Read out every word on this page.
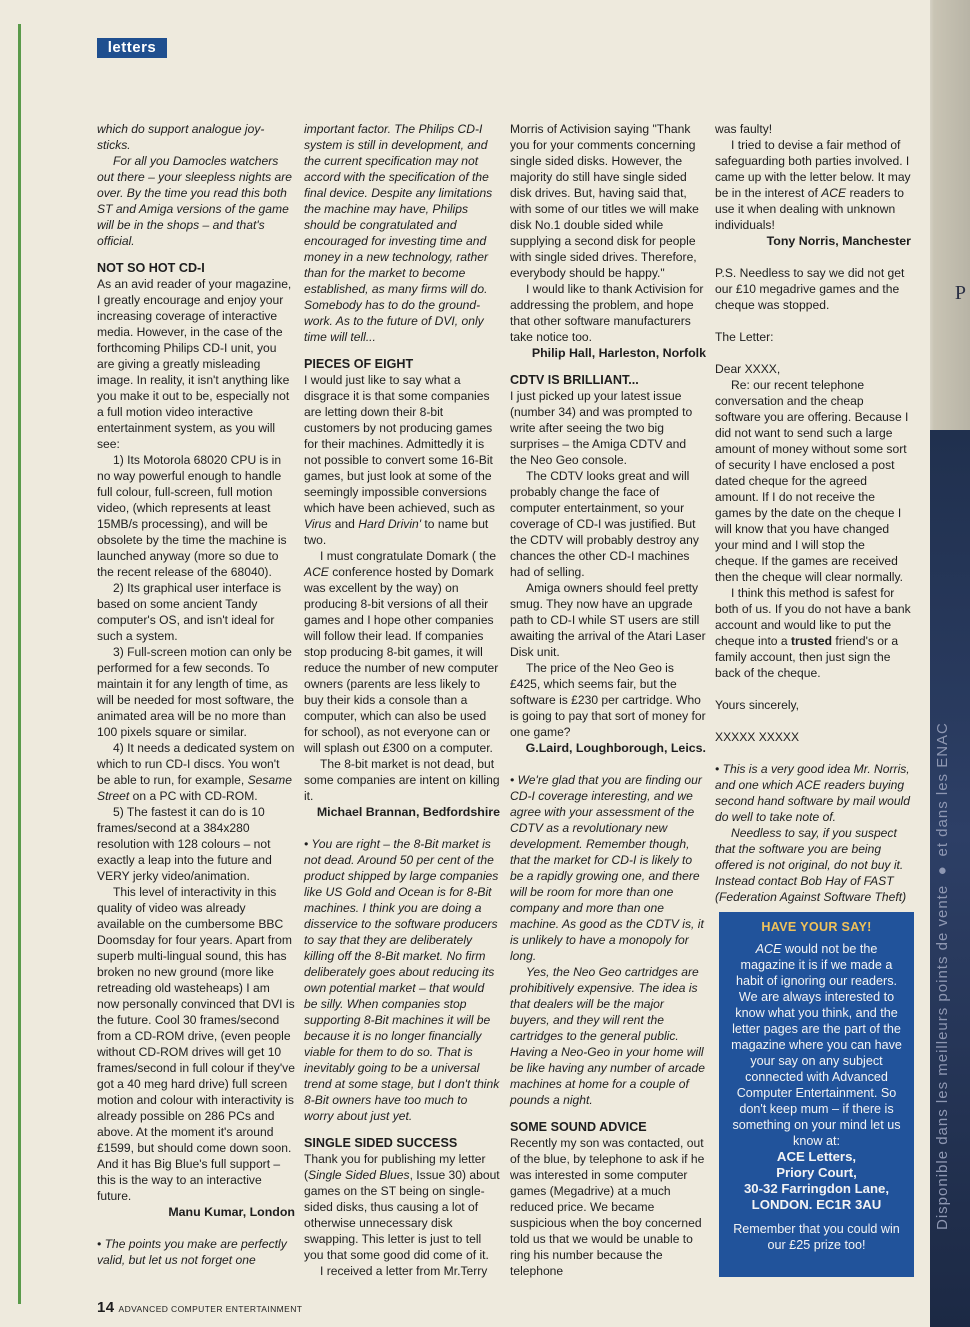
letters

which do support analogue joy-sticks.

For all you Damocles watchers out there – your sleepless nights are over. By the time you read this both ST and Amiga versions of the game will be in the shops – and that's official.

NOT SO HOT CD-I

As an avid reader of your magazine, I greatly encourage and enjoy your increasing coverage of interactive media. However, in the case of the forthcoming Philips CD-I unit, you are giving a greatly misleading image. In reality, it isn't anything like you make it out to be, especially not a full motion video interactive entertainment system, as you will see:

1) Its Motorola 68020 CPU is in no way powerful enough to handle full colour, full-screen, full motion video, (which represents at least 15MB/s processing), and will be obsolete by the time the machine is launched anyway (more so due to the recent release of the 68040).

2) Its graphical user interface is based on some ancient Tandy computer's OS, and isn't ideal for such a system.

3) Full-screen motion can only be performed for a few seconds. To maintain it for any length of time, as will be needed for most software, the animated area will be no more than 100 pixels square or similar.

4) It needs a dedicated system on which to run CD-I discs. You won't be able to run, for example, Sesame Street on a PC with CD-ROM.

5) The fastest it can do is 10 frames/second at a 384x280 resolution with 128 colours – not exactly a leap into the future and VERY jerky video/animation.

This level of interactivity in this quality of video was already available on the cumbersome BBC Doomsday for four years. Apart from superb multi-lingual sound, this has broken no new ground (more like retreading old wasteheaps) I am now personally convinced that DVI is the future. Cool 30 frames/second from a CD-ROM drive, (even people without CD-ROM drives will get 10 frames/second in full colour if they've got a 40 meg hard drive) full screen motion and colour with interactivity is already possible on 286 PCs and above. At the moment it's around £1599, but should come down soon. And it has Big Blue's full support – this is the way to an interactive future.

Manu Kumar, London

• The points you make are perfectly valid, but let us not forget one

important factor. The Philips CD-I system is still in development, and the current specification may not accord with the specification of the final device. Despite any limitations the machine may have, Philips should be congratulated and encouraged for investing time and money in a new technology, rather than for the market to become established, as many firms will do. Somebody has to do the ground-work. As to the future of DVI, only time will tell...

PIECES OF EIGHT

I would just like to say what a disgrace it is that some companies are letting down their 8-bit customers by not producing games for their machines. Admittedly it is not possible to convert some 16-Bit games, but just look at some of the seemingly impossible conversions which have been achieved, such as Virus and Hard Drivin' to name but two.

I must congratulate Domark ( the ACE conference hosted by Domark was excellent by the way) on producing 8-bit versions of all their games and I hope other companies will follow their lead. If companies stop producing 8-bit games, it will reduce the number of new computer owners (parents are less likely to buy their kids a console than a computer, which can also be used for school), as not everyone can or will splash out £300 on a computer.

The 8-bit market is not dead, but some companies are intent on killing it.

Michael Brannan, Bedfordshire

• You are right – the 8-Bit market is not dead. Around 50 per cent of the product shipped by large companies like US Gold and Ocean is for 8-Bit machines. I think you are doing a disservice to the software producers to say that they are deliberately killing off the 8-Bit market. No firm deliberately goes about reducing its own potential market – that would be silly. When companies stop supporting 8-Bit machines it will be because it is no longer financially viable for them to do so. That is inevitably going to be a universal trend at some stage, but I don't think 8-Bit owners have too much to worry about just yet.

SINGLE SIDED SUCCESS

Thank you for publishing my letter (Single Sided Blues, Issue 30) about games on the ST being on single-sided disks, thus causing a lot of otherwise unnecessary disk swapping. This letter is just to tell you that some good did come of it.

I received a letter from Mr.Terry

Morris of Activision saying "Thank you for your comments concerning single sided disks. However, the majority do still have single sided disk drives. But, having said that, with some of our titles we will make disk No.1 double sided while supplying a second disk for people with single sided drives. Therefore, everybody should be happy."

I would like to thank Activision for addressing the problem, and hope that other software manufacturers take notice too.

Philip Hall, Harleston, Norfolk

CDTV IS BRILLIANT...

I just picked up your latest issue (number 34) and was prompted to write after seeing the two big surprises – the Amiga CDTV and the Neo Geo console.

The CDTV looks great and will probably change the face of computer entertainment, so your coverage of CD-I was justified. But the CDTV will probably destroy any chances the other CD-I machines had of selling.

Amiga owners should feel pretty smug. They now have an upgrade path to CD-I while ST users are still awaiting the arrival of the Atari Laser Disk unit.

The price of the Neo Geo is £425, which seems fair, but the software is £230 per cartridge. Who is going to pay that sort of money for one game?

G.Laird, Loughborough, Leics.

• We're glad that you are finding our CD-I coverage interesting, and we agree with your assessment of the CDTV as a revolutionary new development. Remember though, that the market for CD-I is likely to be a rapidly growing one, and there will be room for more than one company and more than one machine. As good as the CDTV is, it is unlikely to have a monopoly for long.

Yes, the Neo Geo cartridges are prohibitively expensive. The idea is that dealers will be the major buyers, and they will rent the cartridges to the general public. Having a Neo-Geo in your home will be like having any number of arcade machines at home for a couple of pounds a night.

SOME SOUND ADVICE

Recently my son was contacted, out of the blue, by telephone to ask if he was interested in some computer games (Megadrive) at a much reduced price. We became suspicious when the boy concerned told us that we would be unable to ring his number because the telephone

was faulty!

I tried to devise a fair method of safeguarding both parties involved. I came up with the letter below. It may be in the interest of ACE readers to use it when dealing with unknown individuals!

Tony Norris, Manchester

P.S. Needless to say we did not get our £10 megadrive games and the cheque was stopped.

The Letter:

Dear XXXX,

Re: our recent telephone conversation and the cheap software you are offering. Because I did not want to send such a large amount of money without some sort of security I have enclosed a post dated cheque for the agreed amount. If I do not receive the games by the date on the cheque I will know that you have changed your mind and I will stop the cheque. If the games are received then the cheque will clear normally.

I think this method is safest for both of us. If you do not have a bank account and would like to put the cheque into a trusted friend's or a family account, then just sign the back of the cheque.

Yours sincerely,

XXXXX XXXXX

• This is a very good idea Mr. Norris, and one which ACE readers buying second hand software by mail would do well to take note of.

Needless to say, if you suspect that the software you are being offered is not original, do not buy it. Instead contact Bob Hay of FAST (Federation Against Software Theft)

HAVE YOUR SAY!
ACE would not be the magazine it is if we made a habit of ignoring our readers. We are always interested to know what you think, and the letter pages are the part of the magazine where you can have your say on any subject connected with Advanced Computer Entertainment. So don't keep mum – if there is something on your mind let us know at:
ACE Letters,
Priory Court,
30-32 Farringdon Lane,
LONDON. EC1R 3AU
Remember that you could win our £25 prize too!
14 ADVANCED COMPUTER ENTERTAINMENT
P
Disponible dans les meilleurs points de vente ● et dans les ENAC
